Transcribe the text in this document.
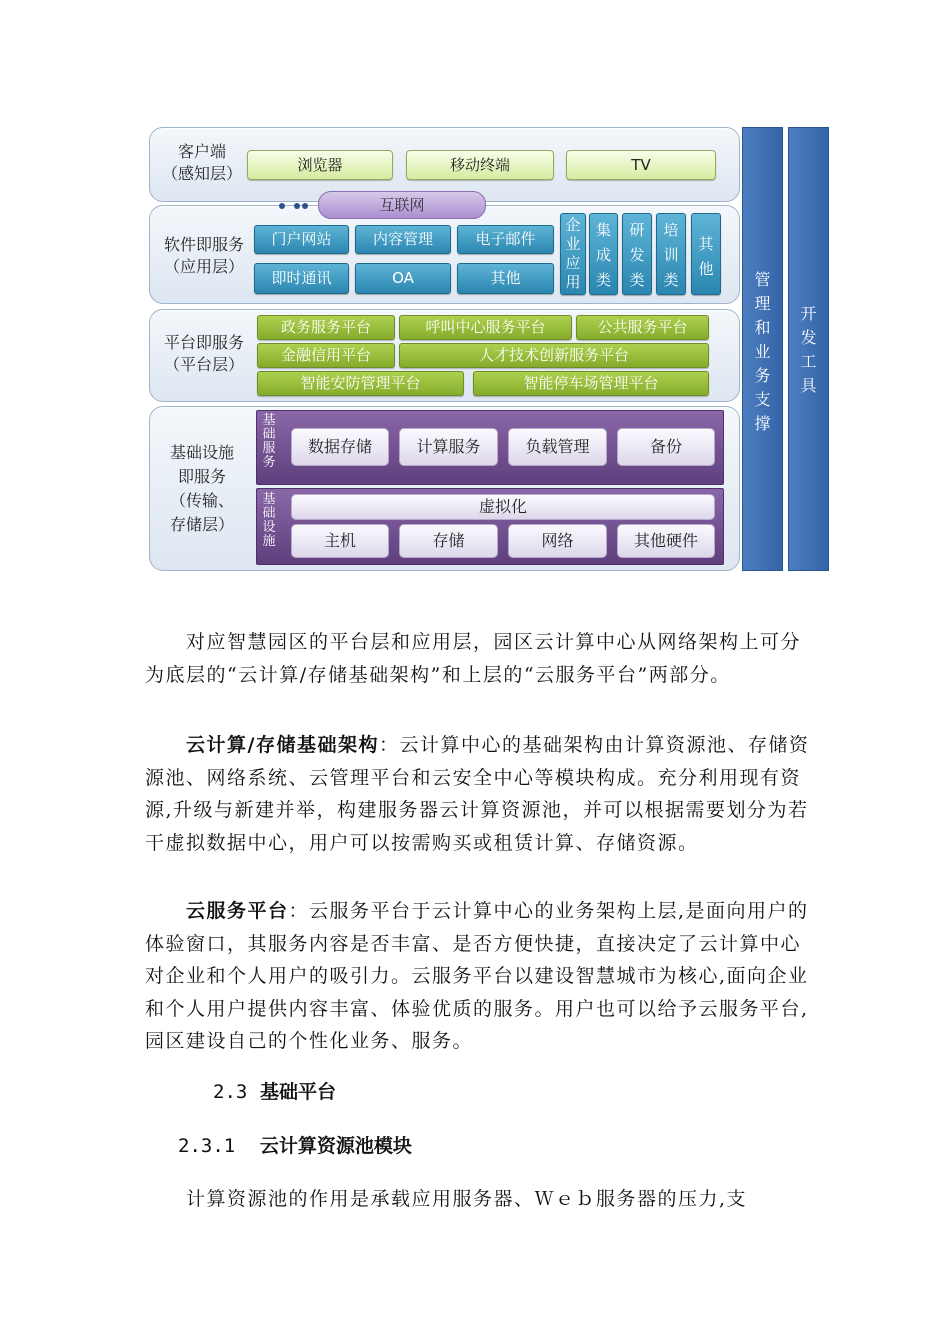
客户端
（感知层）	浏览器	移动终端	TV
互联网
软件即服务
（应用层）
门户网站	内容管理	电子邮件
即时通讯	OA	其他
企业应用
集成类
研发类
培训类
其他
平台即服务
（平台层）
政务服务平台	呼叫中心服务平台	公共服务平台
金融信用平台	人才技术创新服务平台
智能安防管理平台	智能停车场管理平台
基础设施
即服务
（传输、
存储层）
基础服务
数据存储	计算服务	负载管理	备份
基础设施
虚拟化
主机	存储	网络	其他硬件
管理和业务支撑
开发工具

对应智慧园区的平台层和应用层，园区云计算中心从网络架构上可分为底层的“云计算/存储基础架构”和上层的“云服务平台”两部分。

云计算/存储基础架构：云计算中心的基础架构由计算资源池、存储资源池、网络系统、云管理平台和云安全中心等模块构成。充分利用现有资源,升级与新建并举，构建服务器云计算资源池，并可以根据需要划分为若干虚拟数据中心，用户可以按需购买或租赁计算、存储资源。

云服务平台：云服务平台于云计算中心的业务架构上层,是面向用户的体验窗口，其服务内容是否丰富、是否方便快捷，直接决定了云计算中心对企业和个人用户的吸引力。云服务平台以建设智慧城市为核心,面向企业和个人用户提供内容丰富、体验优质的服务。用户也可以给予云服务平台,园区建设自己的个性化业务、服务。

2.3 基础平台
2.3.1 云计算资源池模块

计算资源池的作用是承载应用服务器、Ｗｅｂ服务器的压力,支
